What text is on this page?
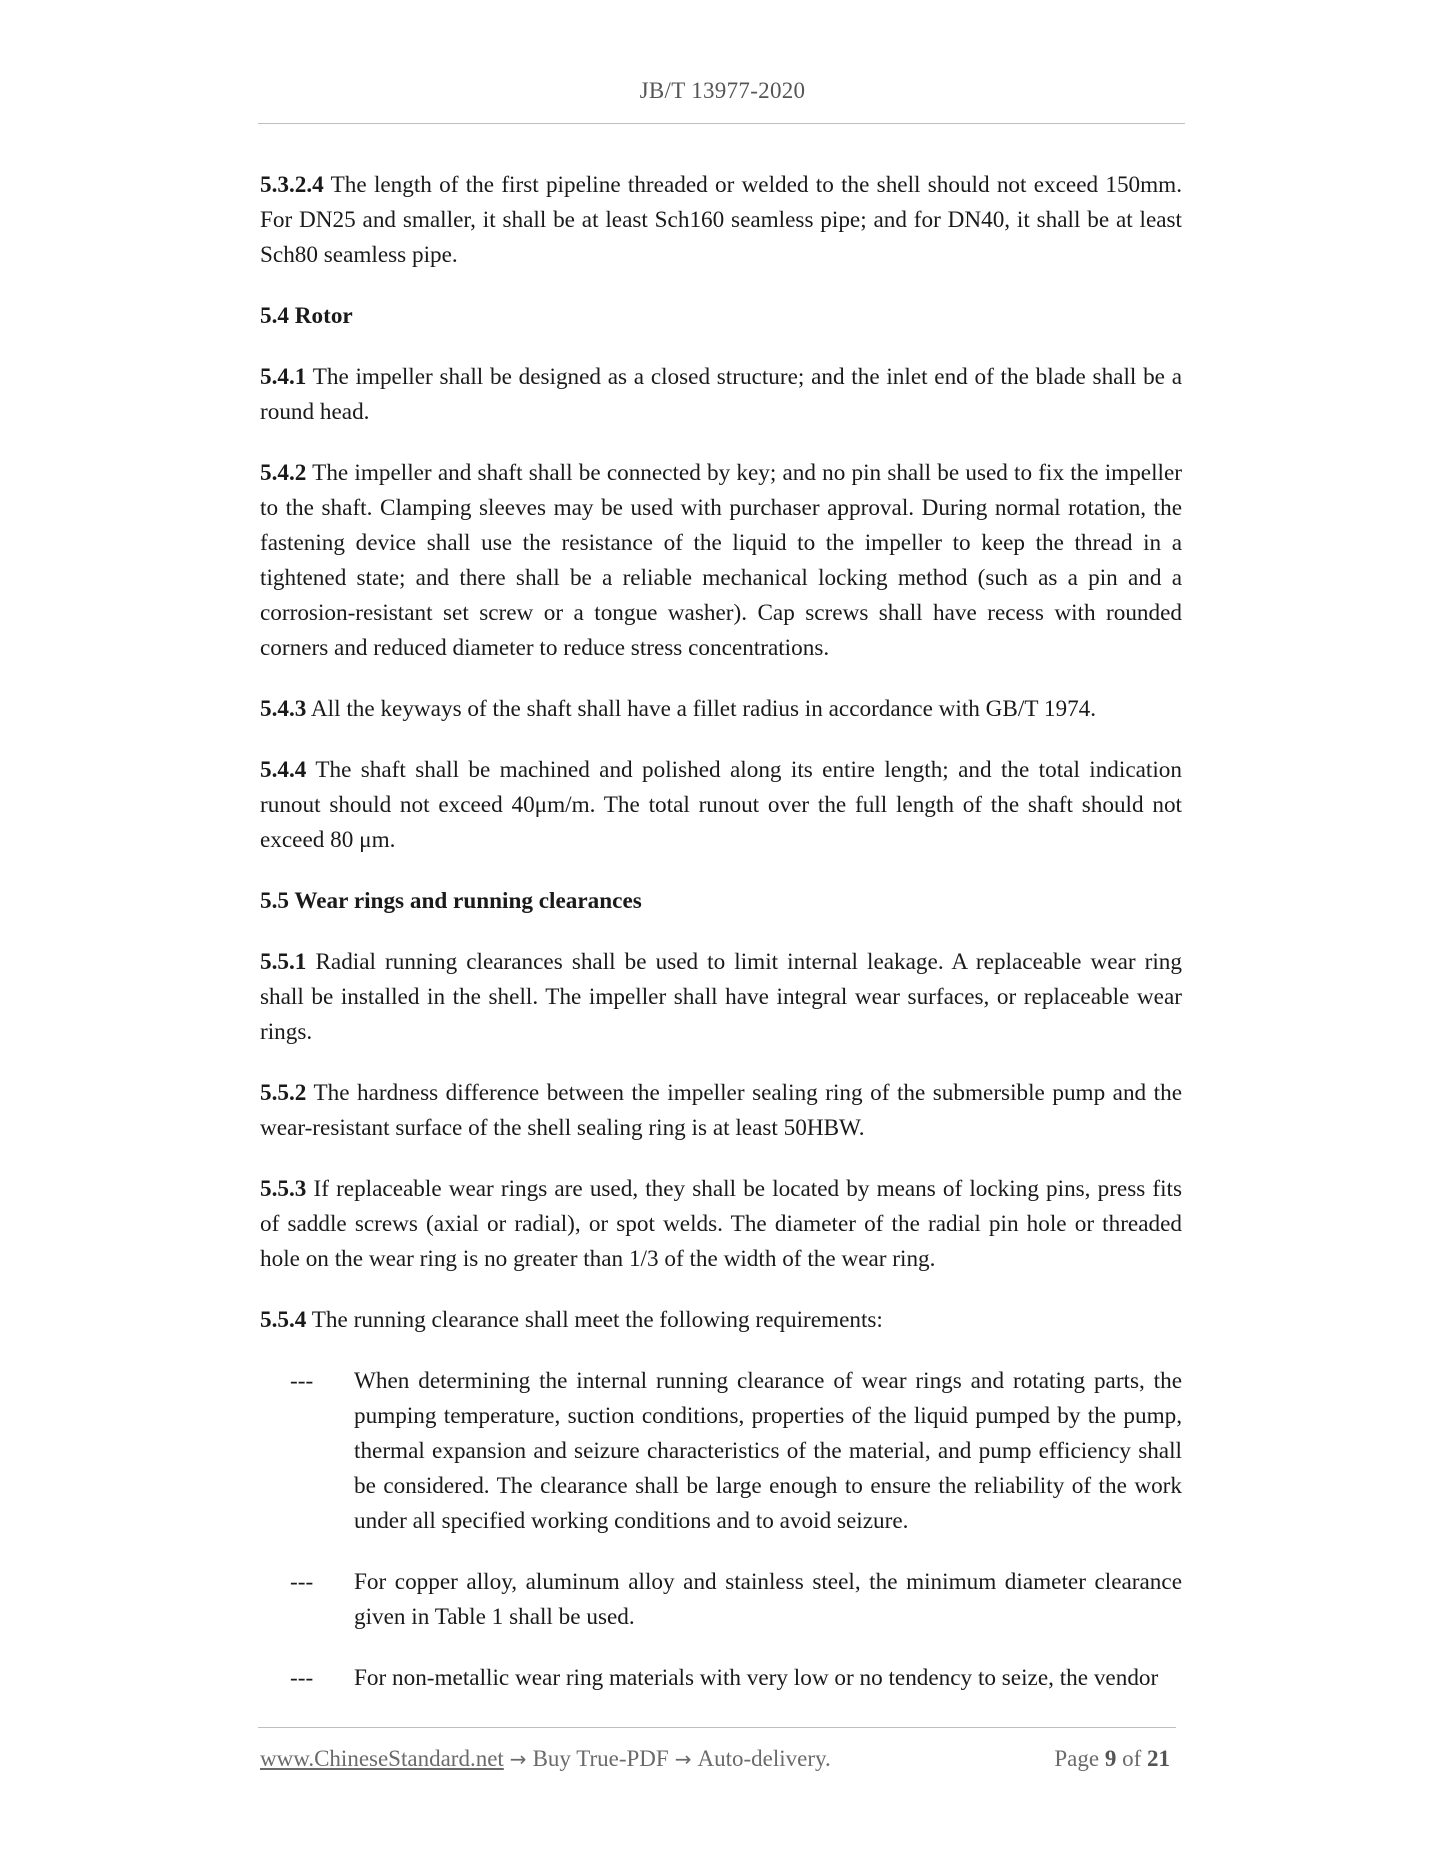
JB/T 13977-2020

5.3.2.4 The length of the first pipeline threaded or welded to the shell should not exceed 150mm. For DN25 and smaller, it shall be at least Sch160 seamless pipe; and for DN40, it shall be at least Sch80 seamless pipe.

5.4 Rotor

5.4.1 The impeller shall be designed as a closed structure; and the inlet end of the blade shall be a round head.

5.4.2 The impeller and shaft shall be connected by key; and no pin shall be used to fix the impeller to the shaft. Clamping sleeves may be used with purchaser approval. During normal rotation, the fastening device shall use the resistance of the liquid to the impeller to keep the thread in a tightened state; and there shall be a reliable mechanical locking method (such as a pin and a corrosion-resistant set screw or a tongue washer). Cap screws shall have recess with rounded corners and reduced diameter to reduce stress concentrations.

5.4.3 All the keyways of the shaft shall have a fillet radius in accordance with GB/T 1974.

5.4.4 The shaft shall be machined and polished along its entire length; and the total indication runout should not exceed 40μm/m. The total runout over the full length of the shaft should not exceed 80 μm.

5.5 Wear rings and running clearances

5.5.1 Radial running clearances shall be used to limit internal leakage. A replaceable wear ring shall be installed in the shell. The impeller shall have integral wear surfaces, or replaceable wear rings.

5.5.2 The hardness difference between the impeller sealing ring of the submersible pump and the wear-resistant surface of the shell sealing ring is at least 50HBW.

5.5.3 If replaceable wear rings are used, they shall be located by means of locking pins, press fits of saddle screws (axial or radial), or spot welds. The diameter of the radial pin hole or threaded hole on the wear ring is no greater than 1/3 of the width of the wear ring.

5.5.4 The running clearance shall meet the following requirements:

--- When determining the internal running clearance of wear rings and rotating parts, the pumping temperature, suction conditions, properties of the liquid pumped by the pump, thermal expansion and seizure characteristics of the material, and pump efficiency shall be considered. The clearance shall be large enough to ensure the reliability of the work under all specified working conditions and to avoid seizure.
--- For copper alloy, aluminum alloy and stainless steel, the minimum diameter clearance given in Table 1 shall be used.
--- For non-metallic wear ring materials with very low or no tendency to seize, the vendor
www.ChineseStandard.net → Buy True-PDF → Auto-delivery.	Page 9 of 21
